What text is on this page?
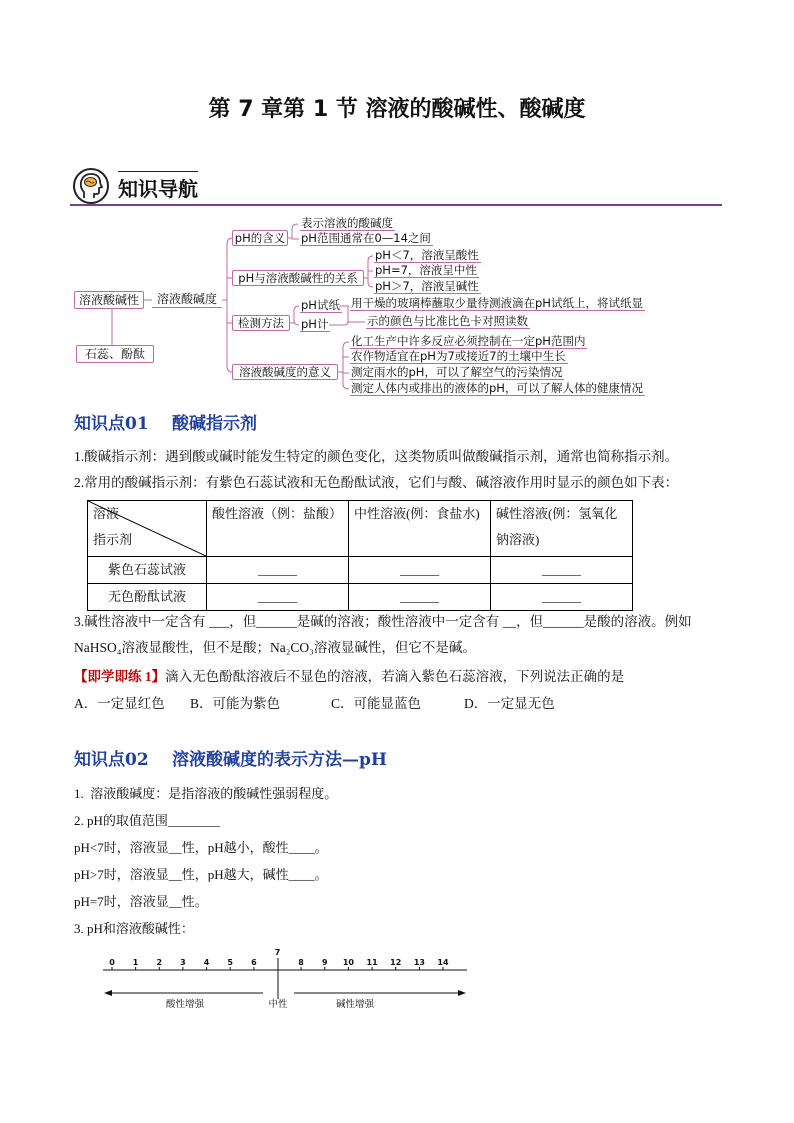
第 7 章第 1 节 溶液的酸碱性、酸碱度
知识导航
溶液酸碱性	溶液酸碱度
石蕊、酚酞
pH的含义
pH与溶液酸碱性的关系
检测方法
溶液酸碱度的意义
表示溶液的酸碱度
pH范围通常在0—14之间
pH＜7，溶液呈酸性
pH=7，溶液呈中性
pH＞7，溶液呈碱性
pH试纸
pH计
用干燥的玻璃棒蘸取少量待测液滴在pH试纸上，将试纸显
示的颜色与比准比色卡对照读数
化工生产中许多反应必须控制在一定pH范围内
农作物适宜在pH为7或接近7的土壤中生长
测定雨水的pH，可以了解空气的污染情况
测定人体内或排出的液体的pH，可以了解人体的健康情况
知识点01 酸碱指示剂
1.酸碱指示剂：遇到酸或碱时能发生特定的颜色变化，这类物质叫做酸碱指示剂，通常也简称指示剂。
2.常用的酸碱指示剂：有紫色石蕊试液和无色酚酞试液，它们与酸、碱溶液作用时显示的颜色如下表：
溶液
指示剂	酸性溶液（例：盐酸）	中性溶液(例：食盐水)	碱性溶液(例：氢氧化钠溶液)
紫色石蕊试液	______	______	______
无色酚酞试液	______	______	______
3.碱性溶液中一定含有 ___，但______是碱的溶液；酸性溶液中一定含有 __，但______是酸的溶液。例如
NaHSO₄溶液显酸性，但不是酸；Na₂CO₃溶液显碱性，但它不是碱。
【即学即练 1】滴入无色酚酞溶液后不显色的溶液，若滴入紫色石蕊溶液，下列说法正确的是
A．一定显红色 B．可能为紫色	C．可能显蓝色	D．一定显无色
知识点02 溶液酸碱度的表示方法—pH
1.  溶液酸碱度：是指溶液的酸碱性强弱程度。
2. pH的取值范围________
pH<7时，溶液显__性，pH越小，酸性____。
pH>7时，溶液显__性，pH越大，碱性____。
pH=7时，溶液显__性。
3. pH和溶液酸碱性：
酸性增强	中性	碱性增强
0 1 2 3 4 5 6
7
8 9 10 11 12 13 14
